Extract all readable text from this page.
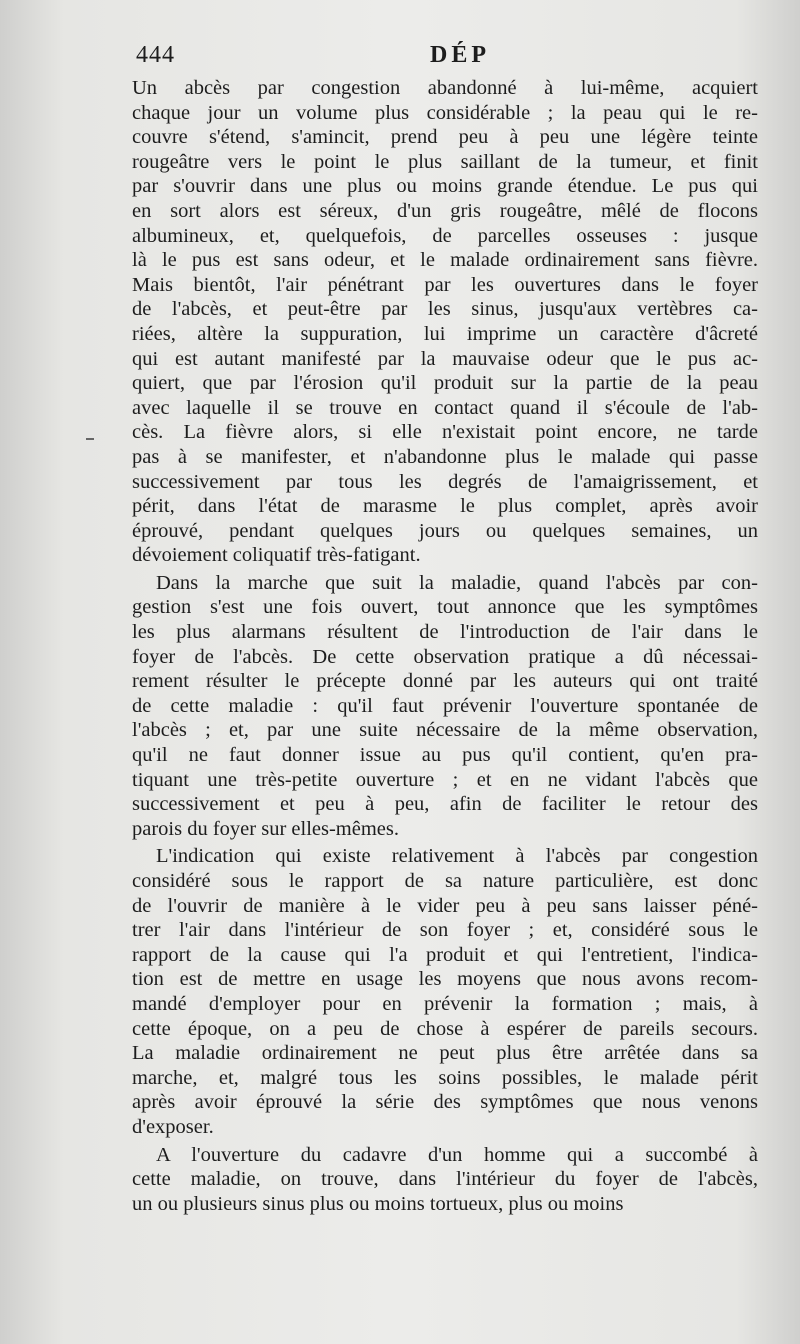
444	DÉP
Un abcès par congestion abandonné à lui-même, acquiert
chaque jour un volume plus considérable ; la peau qui le re-
couvre s'étend, s'amincit, prend peu à peu une légère teinte
rougeâtre vers le point le plus saillant de la tumeur, et finit
par s'ouvrir dans une plus ou moins grande étendue. Le pus qui
en sort alors est séreux, d'un gris rougeâtre, mêlé de flocons
albumineux, et, quelquefois, de parcelles osseuses : jusque
là le pus est sans odeur, et le malade ordinairement sans fièvre.
Mais bientôt, l'air pénétrant par les ouvertures dans le foyer
de l'abcès, et peut-être par les sinus, jusqu'aux vertèbres ca-
riées, altère la suppuration, lui imprime un caractère d'âcreté
qui est autant manifesté par la mauvaise odeur que le pus ac-
quiert, que par l'érosion qu'il produit sur la partie de la peau
avec laquelle il se trouve en contact quand il s'écoule de l'ab-
cès. La fièvre alors, si elle n'existait point encore, ne tarde
pas à se manifester, et n'abandonne plus le malade qui passe
successivement par tous les degrés de l'amaigrissement, et
périt, dans l'état de marasme le plus complet, après avoir
éprouvé, pendant quelques jours ou quelques semaines, un
dévoiement coliquatif très-fatigant.
Dans la marche que suit la maladie, quand l'abcès par con-
gestion s'est une fois ouvert, tout annonce que les symptômes
les plus alarmans résultent de l'introduction de l'air dans le
foyer de l'abcès. De cette observation pratique a dû nécessai-
rement résulter le précepte donné par les auteurs qui ont traité
de cette maladie : qu'il faut prévenir l'ouverture spontanée de
l'abcès ; et, par une suite nécessaire de la même observation,
qu'il ne faut donner issue au pus qu'il contient, qu'en pra-
tiquant une très-petite ouverture ; et en ne vidant l'abcès que
successivement et peu à peu, afin de faciliter le retour des
parois du foyer sur elles-mêmes.
L'indication qui existe relativement à l'abcès par congestion
considéré sous le rapport de sa nature particulière, est donc
de l'ouvrir de manière à le vider peu à peu sans laisser péné-
trer l'air dans l'intérieur de son foyer ; et, considéré sous le
rapport de la cause qui l'a produit et qui l'entretient, l'indica-
tion est de mettre en usage les moyens que nous avons recom-
mandé d'employer pour en prévenir la formation ; mais, à
cette époque, on a peu de chose à espérer de pareils secours.
La maladie ordinairement ne peut plus être arrêtée dans sa
marche, et, malgré tous les soins possibles, le malade périt
après avoir éprouvé la série des symptômes que nous venons
d'exposer.
A l'ouverture du cadavre d'un homme qui a succombé à
cette maladie, on trouve, dans l'intérieur du foyer de l'abcès,
un ou plusieurs sinus plus ou moins tortueux, plus ou moins
